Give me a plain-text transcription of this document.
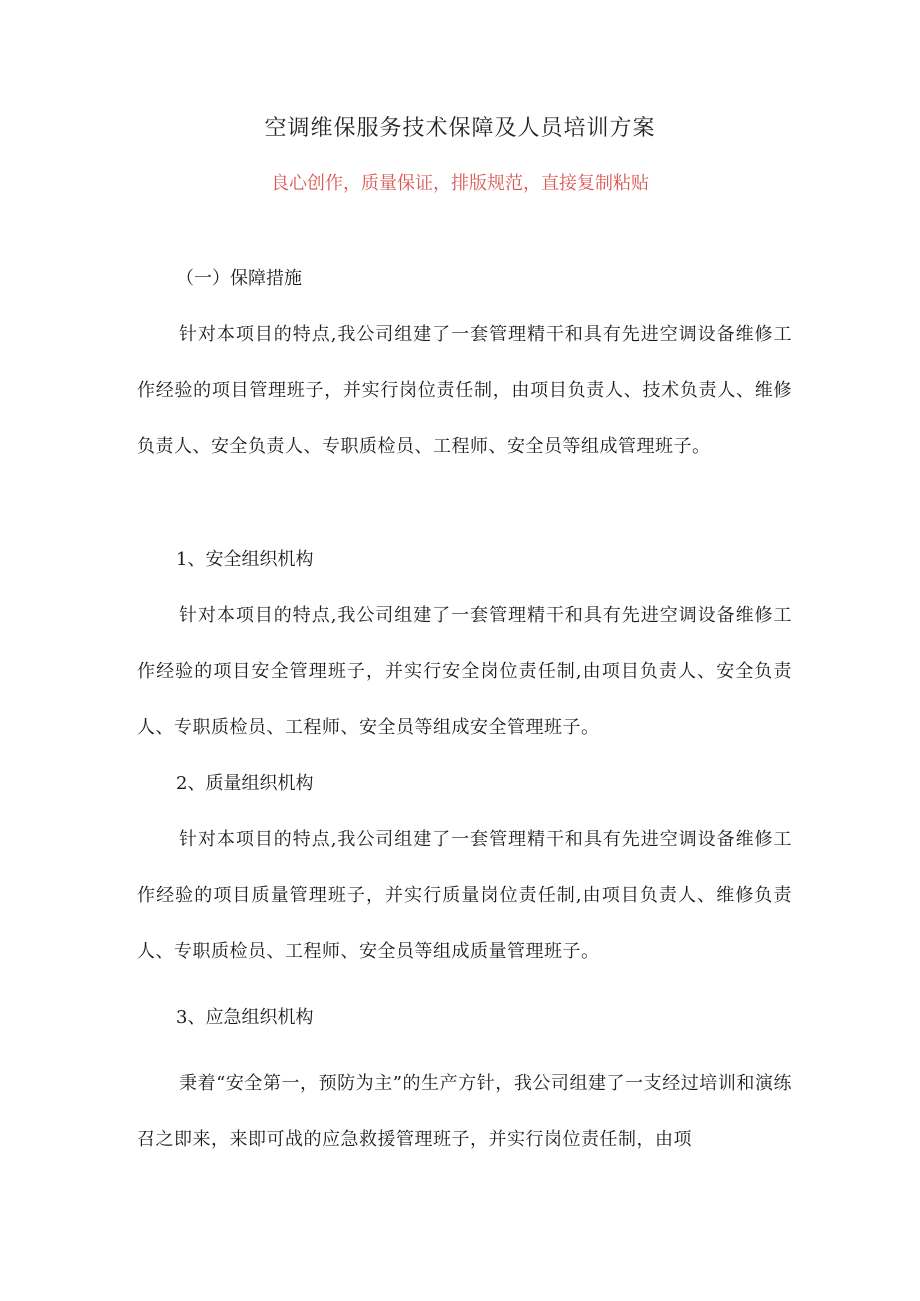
空调维保服务技术保障及人员培训方案
良心创作，质量保证，排版规范，直接复制粘贴
（一）保障措施

针对本项目的特点,我公司组建了一套管理精干和具有先进空调设备维修工作经验的项目管理班子，并实行岗位责任制，由项目负责人、技术负责人、维修负责人、安全负责人、专职质检员、工程师、安全员等组成管理班子。

1、安全组织机构

针对本项目的特点,我公司组建了一套管理精干和具有先进空调设备维修工作经验的项目安全管理班子，并实行安全岗位责任制,由项目负责人、安全负责人、专职质检员、工程师、安全员等组成安全管理班子。

2、质量组织机构

针对本项目的特点,我公司组建了一套管理精干和具有先进空调设备维修工作经验的项目质量管理班子，并实行质量岗位责任制,由项目负责人、维修负责人、专职质检员、工程师、安全员等组成质量管理班子。

3、应急组织机构

秉着“安全第一，预防为主”的生产方针，我公司组建了一支经过培训和演练召之即来，来即可战的应急救援管理班子，并实行岗位责任制，由项
